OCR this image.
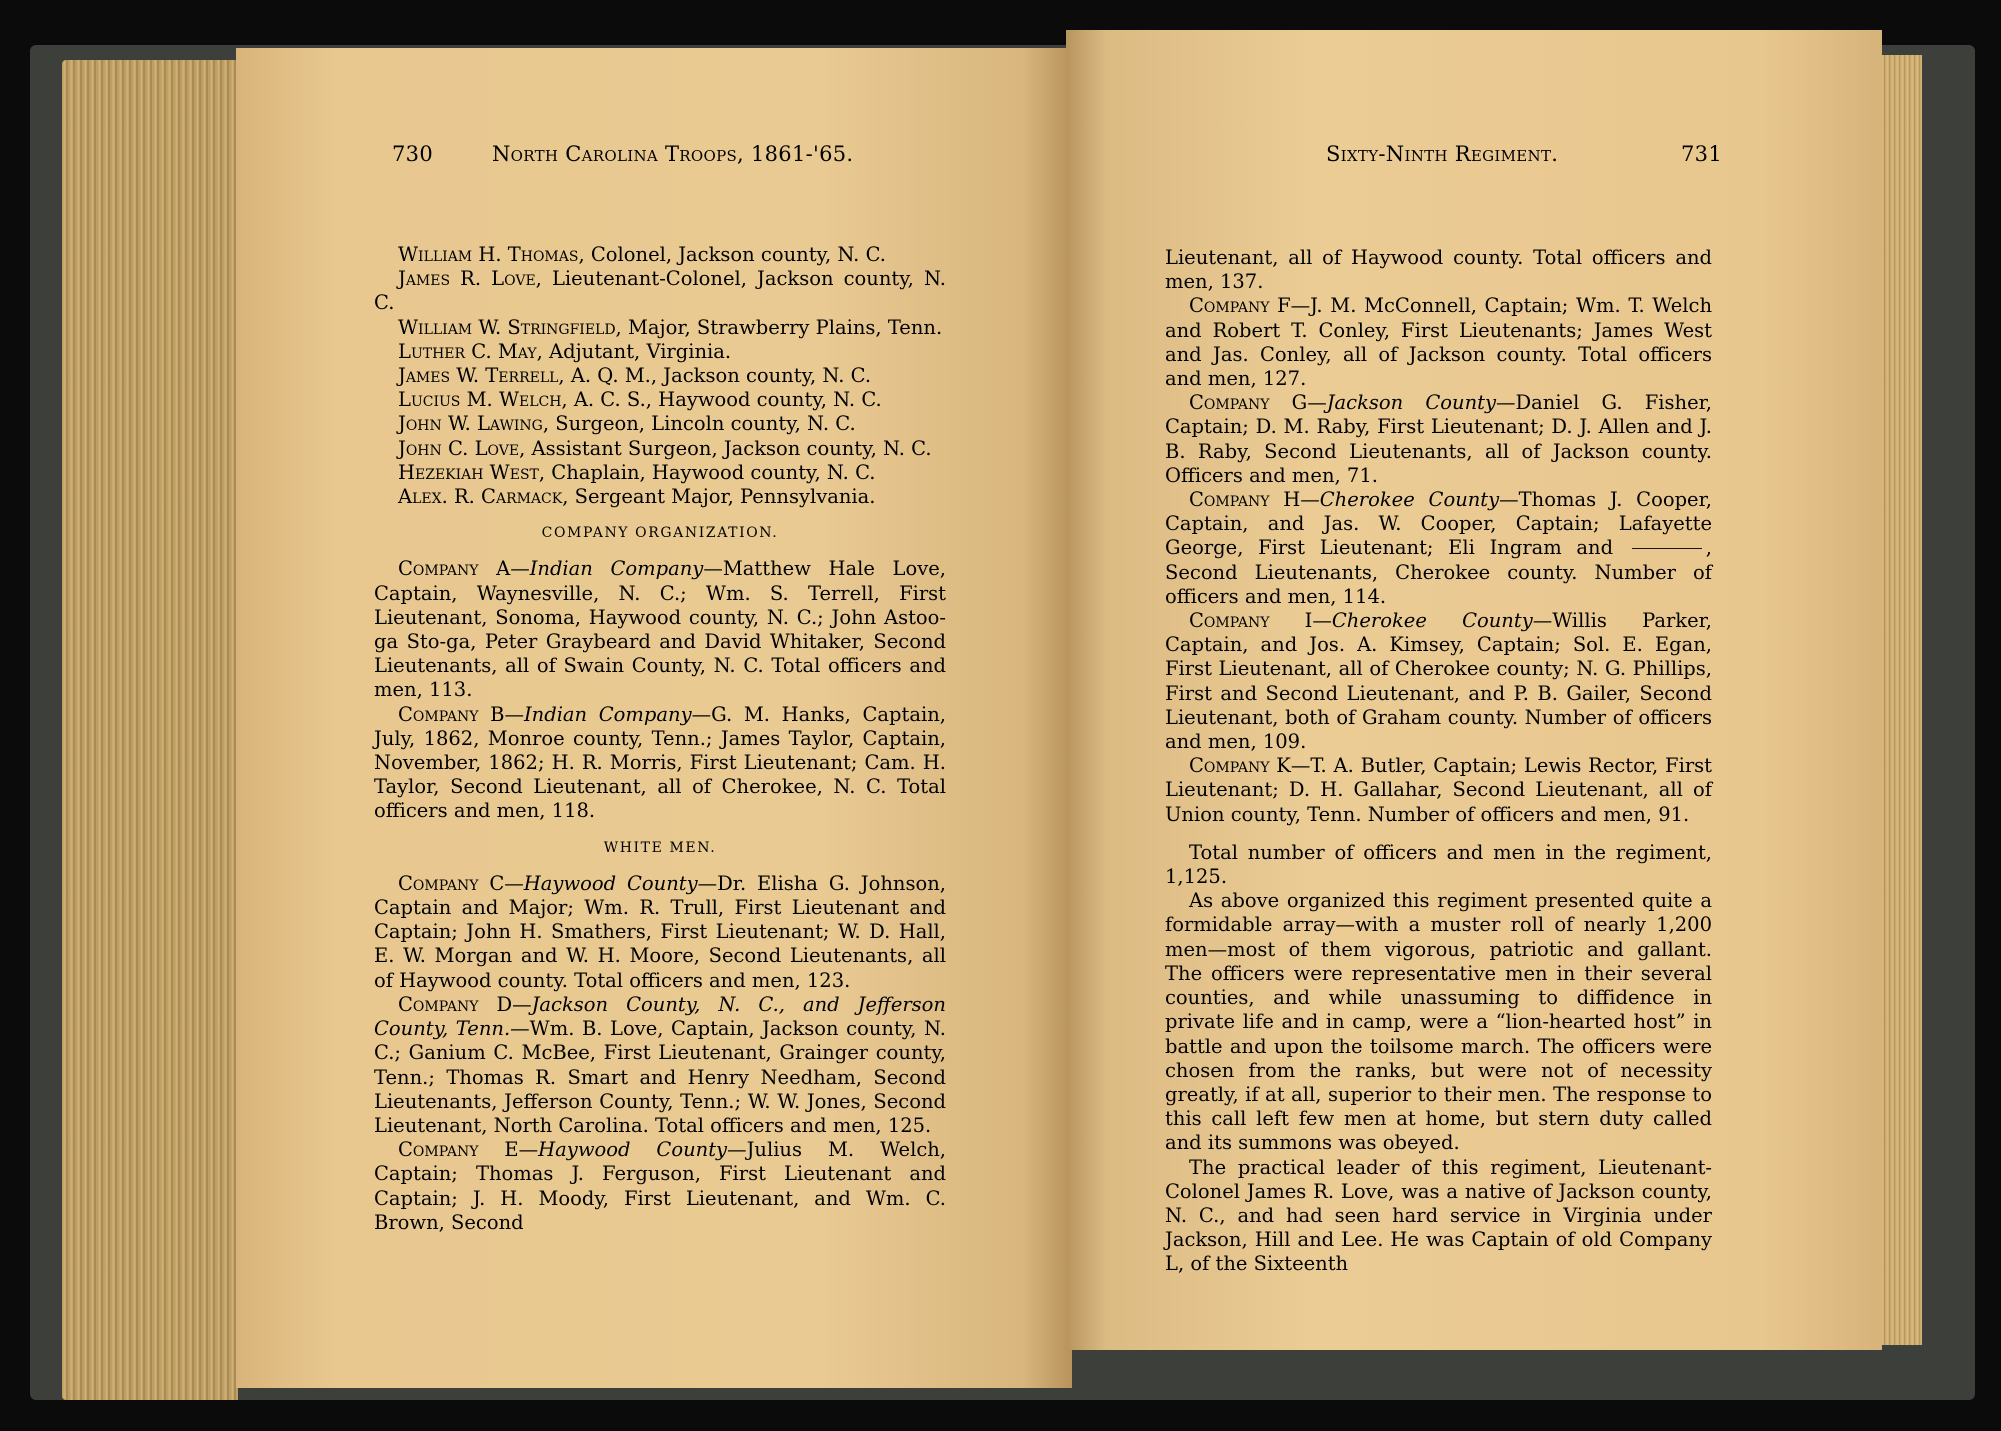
730	North Carolina Troops, 1861-'65.	Sixty-Ninth Regiment.	731

William H. Thomas, Colonel, Jackson county, N. C.

James R. Love, Lieutenant-Colonel, Jackson county, N. C.

William W. Stringfield, Major, Strawberry Plains, Tenn.

Luther C. May, Adjutant, Virginia.

James W. Terrell, A. Q. M., Jackson county, N. C.

Lucius M. Welch, A. C. S., Haywood county, N. C.

John W. Lawing, Surgeon, Lincoln county, N. C.

John C. Love, Assistant Surgeon, Jackson county, N. C.

Hezekiah West, Chaplain, Haywood county, N. C.

Alex. R. Carmack, Sergeant Major, Pennsylvania.

COMPANY ORGANIZATION.

Company A—Indian Company—Matthew Hale Love, Captain, Waynesville, N. C.; Wm. S. Terrell, First Lieutenant, Sonoma, Haywood county, N. C.; John Astoo-ga Sto-ga, Peter Graybeard and David Whitaker, Second Lieutenants, all of Swain County, N. C. Total officers and men, 113.

Company B—Indian Company—G. M. Hanks, Captain, July, 1862, Monroe county, Tenn.; James Taylor, Captain, November, 1862; H. R. Morris, First Lieutenant; Cam. H. Taylor, Second Lieutenant, all of Cherokee, N. C. Total officers and men, 118.

WHITE MEN.

Company C—Haywood County—Dr. Elisha G. Johnson, Captain and Major; Wm. R. Trull, First Lieutenant and Captain; John H. Smathers, First Lieutenant; W. D. Hall, E. W. Morgan and W. H. Moore, Second Lieutenants, all of Haywood county. Total officers and men, 123.

Company D—Jackson County, N. C., and Jefferson County, Tenn.—Wm. B. Love, Captain, Jackson county, N. C.; Ganium C. McBee, First Lieutenant, Grainger county, Tenn.; Thomas R. Smart and Henry Needham, Second Lieutenants, Jefferson County, Tenn.; W. W. Jones, Second Lieutenant, North Carolina. Total officers and men, 125.

Company E—Haywood County—Julius M. Welch, Captain; Thomas J. Ferguson, First Lieutenant and Captain; J. H. Moody, First Lieutenant, and Wm. C. Brown, Second

Lieutenant, all of Haywood county. Total officers and men, 137.

Company F—J. M. McConnell, Captain; Wm. T. Welch and Robert T. Conley, First Lieutenants; James West and Jas. Conley, all of Jackson county. Total officers and men, 127.

Company G—Jackson County—Daniel G. Fisher, Captain; D. M. Raby, First Lieutenant; D. J. Allen and J. B. Raby, Second Lieutenants, all of Jackson county. Officers and men, 71.

Company H—Cherokee County—Thomas J. Cooper, Captain, and Jas. W. Cooper, Captain; Lafayette George, First Lieutenant; Eli Ingram and	, Second Lieutenants, Cherokee county. Number of officers and men, 114.

Company I—Cherokee County—Willis Parker, Captain, and Jos. A. Kimsey, Captain; Sol. E. Egan, First Lieutenant, all of Cherokee county; N. G. Phillips, First and Second Lieutenant, and P. B. Gailer, Second Lieutenant, both of Graham county. Number of officers and men, 109.

Company K—T. A. Butler, Captain; Lewis Rector, First Lieutenant; D. H. Gallahar, Second Lieutenant, all of Union county, Tenn. Number of officers and men, 91.

Total number of officers and men in the regiment, 1,125.

As above organized this regiment presented quite a formidable array—with a muster roll of nearly 1,200 men—most of them vigorous, patriotic and gallant. The officers were representative men in their several counties, and while unassuming to diffidence in private life and in camp, were a “lion-hearted host” in battle and upon the toilsome march. The officers were chosen from the ranks, but were not of necessity greatly, if at all, superior to their men. The response to this call left few men at home, but stern duty called and its summons was obeyed.

The practical leader of this regiment, Lieutenant-Colonel James R. Love, was a native of Jackson county, N. C., and had seen hard service in Virginia under Jackson, Hill and Lee. He was Captain of old Company L, of the Sixteenth
